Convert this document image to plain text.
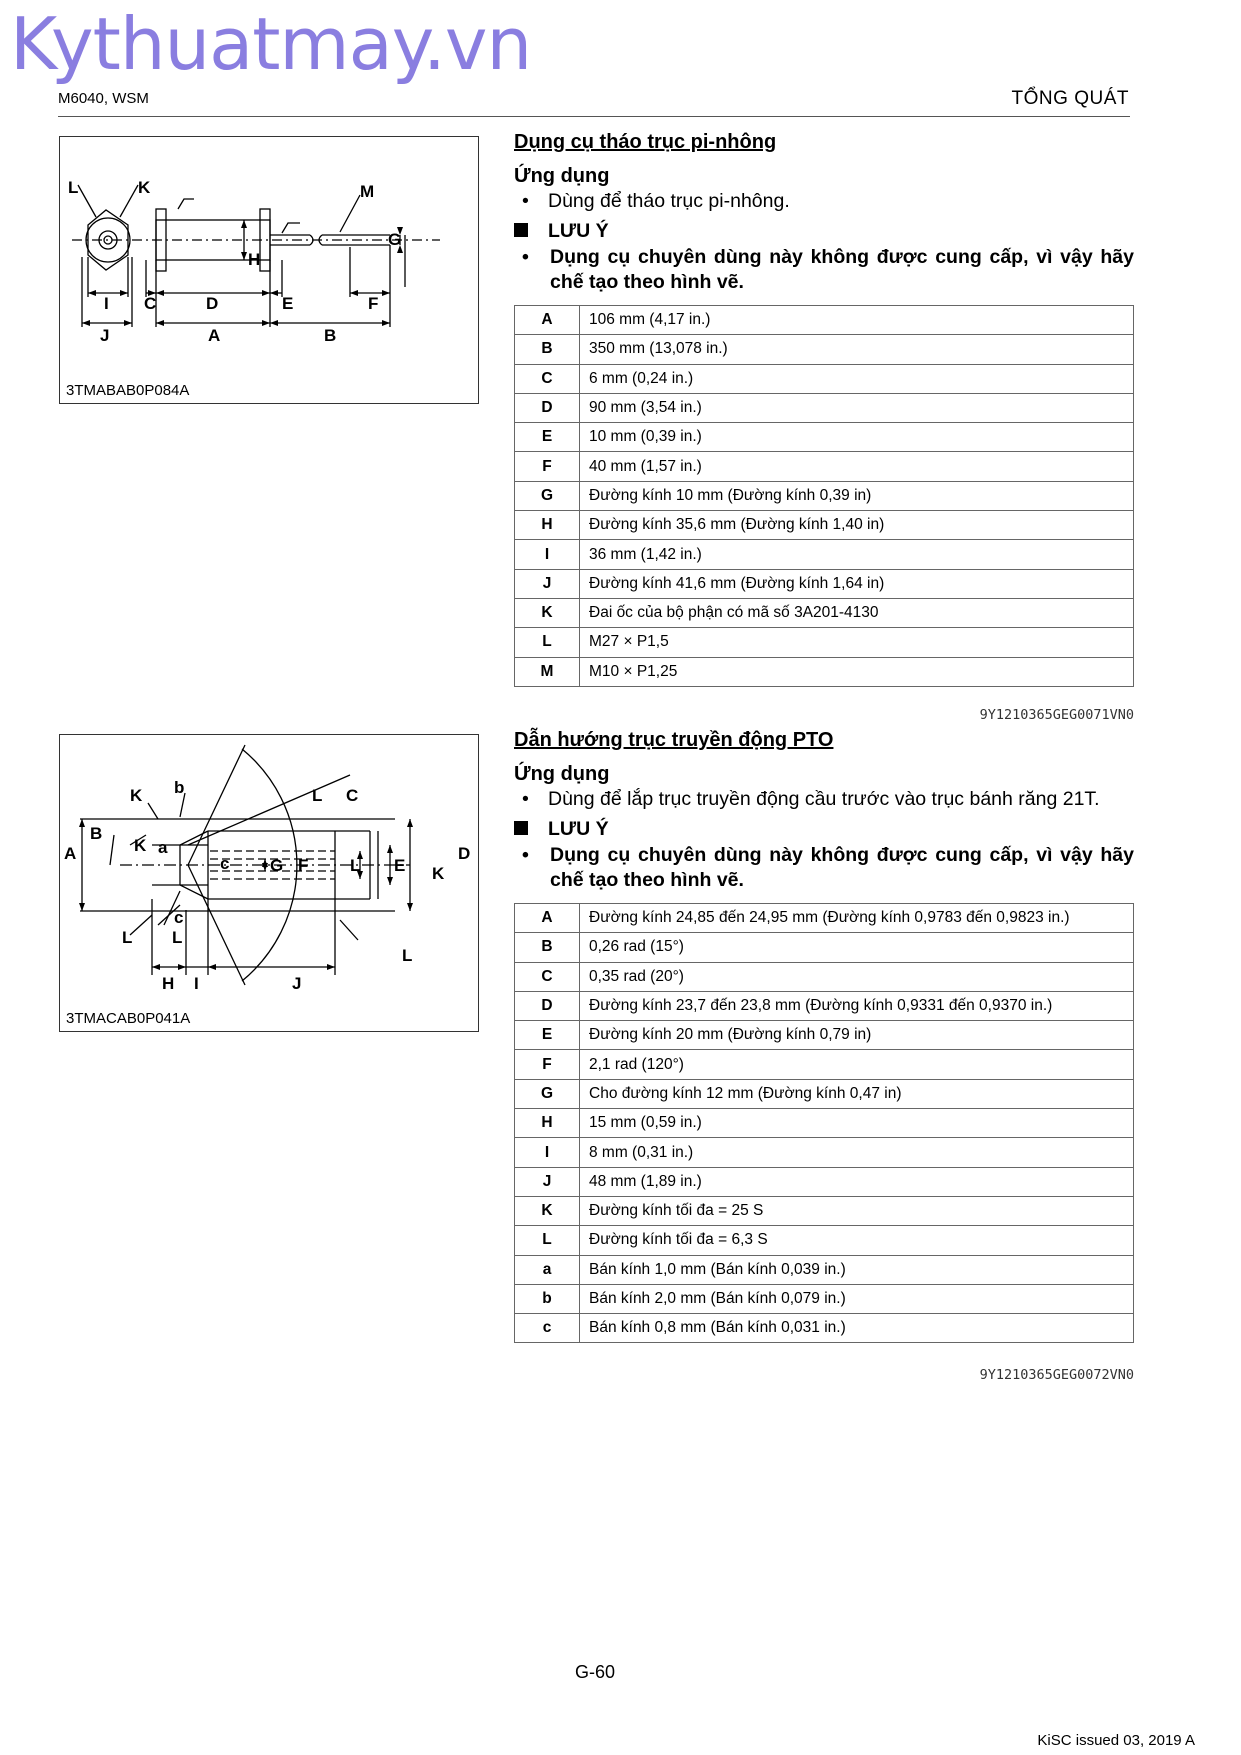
Kythuatmay.vn
M6040, WSM	TỔNG QUÁT
L	K	M
G
H
I C	D	E	F
J	A	B
3TMABAB0P084A
Dụng cụ tháo trục pi-nhông
Ứng dụng
• Dùng để tháo trục pi-nhông.
LƯU Ý
•	Dụng cụ chuyên dùng này không được cung cấp, vì vậy hãy chế tạo theo hình vẽ.
A	106 mm (4,17 in.)
B	350 mm (13,078 in.)
C	6 mm (0,24 in.)
D	90 mm (3,54 in.)
E	10 mm (0,39 in.)
F	40 mm (1,57 in.)
G	Đường kính 10 mm (Đường kính 0,39 in)
H	Đường kính 35,6 mm (Đường kính 1,40 in)
I	36 mm (1,42 in.)
J	Đường kính 41,6 mm (Đường kính 1,64 in)
K	Đai ốc của bộ phận có mã số 3A201-4130
L	M27 × P1,5
M	M10 × P1,25
9Y1210365GEG0071VN0
K b	L C
B
A	K a
c G F L E K
D
c
L L
L
H I	J
3TMACAB0P041A
Dẫn hướng trục truyền động PTO
Ứng dụng
• Dùng để lắp trục truyền động cầu trước vào trục bánh răng 21T.
LƯU Ý
•	Dụng cụ chuyên dùng này không được cung cấp, vì vậy hãy chế tạo theo hình vẽ.
A	Đường kính 24,85 đến 24,95 mm (Đường kính 0,9783 đến 0,9823 in.)
B	0,26 rad (15°)
C	0,35 rad (20°)
D	Đường kính 23,7 đến 23,8 mm (Đường kính 0,9331 đến 0,9370 in.)
E	Đường kính 20 mm (Đường kính 0,79 in)
F	2,1 rad (120°)
G	Cho đường kính 12 mm (Đường kính 0,47 in)
H	15 mm (0,59 in.)
I	8 mm (0,31 in.)
J	48 mm (1,89 in.)
K	Đường kính tối đa = 25 S
L	Đường kính tối đa = 6,3 S
a	Bán kính 1,0 mm (Bán kính 0,039 in.)
b	Bán kính 2,0 mm (Bán kính 0,079 in.)
c	Bán kính 0,8 mm (Bán kính 0,031 in.)
9Y1210365GEG0072VN0
G-60
KiSC issued 03, 2019 A
